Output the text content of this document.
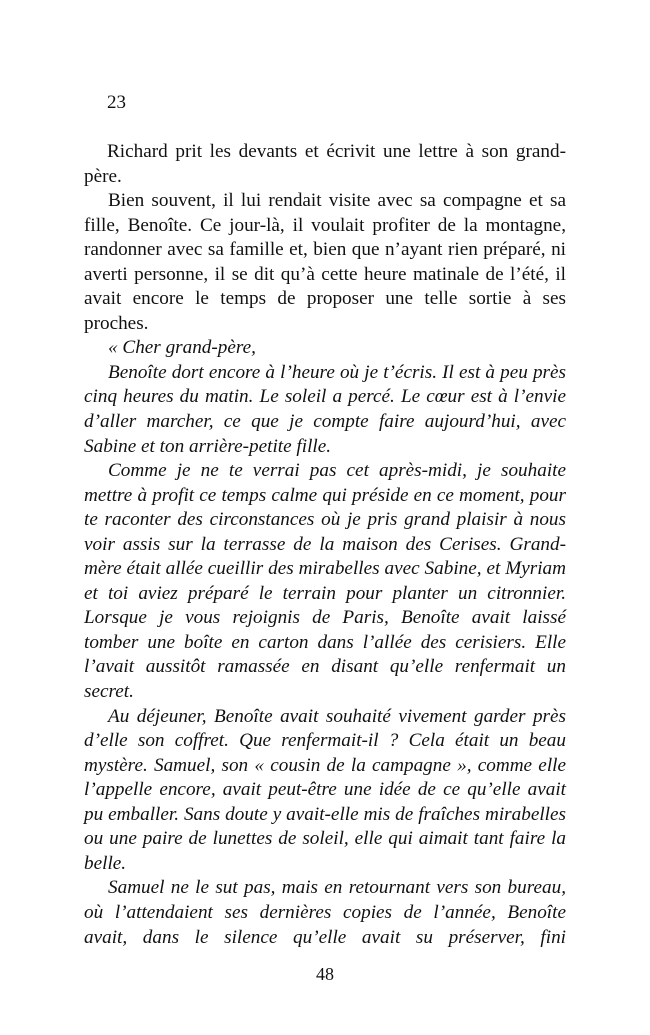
23

Richard prit les devants et écrivit une lettre à son grand-père.

Bien souvent, il lui rendait visite avec sa compagne et sa fille, Benoîte. Ce jour-là, il voulait profiter de la montagne, randonner avec sa famille et, bien que n’ayant rien préparé, ni averti personne, il se dit qu’à cette heure matinale de l’été, il avait encore le temps de proposer une telle sortie à ses proches.

« Cher grand-père,

Benoîte dort encore à l’heure où je t’écris. Il est à peu près cinq heures du matin. Le soleil a percé. Le cœur est à l’envie d’aller marcher, ce que je compte faire aujourd’hui, avec Sabine et ton arrière-petite fille.

Comme je ne te verrai pas cet après-midi, je souhaite mettre à profit ce temps calme qui préside en ce moment, pour te raconter des circonstances où je pris grand plaisir à nous voir assis sur la terrasse de la maison des Cerises. Grand-mère était allée cueillir des mirabelles avec Sabine, et Myriam et toi aviez préparé le terrain pour planter un citronnier. Lorsque je vous rejoignis de Paris, Benoîte avait laissé tomber une boîte en carton dans l’allée des cerisiers. Elle l’avait aussitôt ramassée en disant qu’elle renfermait un secret.

Au déjeuner, Benoîte avait souhaité vivement garder près d’elle son coffret. Que renfermait-il ? Cela était un beau mystère. Samuel, son « cousin de la campagne », comme elle l’appelle encore, avait peut-être une idée de ce qu’elle avait pu emballer. Sans doute y avait-elle mis de fraîches mirabelles ou une paire de lunettes de soleil, elle qui aimait tant faire la belle.

Samuel ne le sut pas, mais en retournant vers son bureau, où l’attendaient ses dernières copies de l’année, Benoîte avait, dans le silence qu’elle avait su préserver, fini

48
